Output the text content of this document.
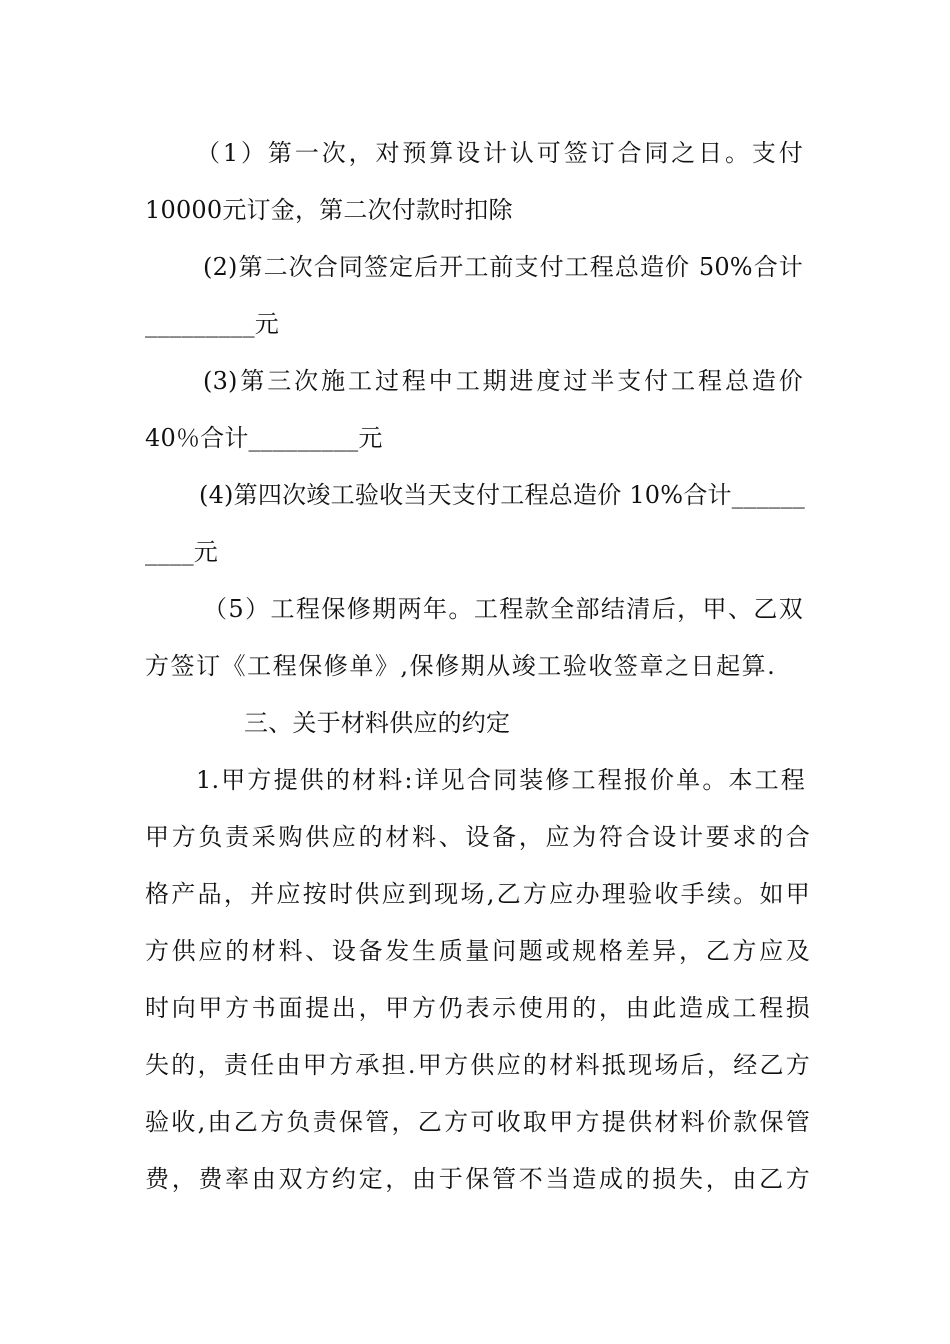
（1）第一次，对预算设计认可签订合同之日。支付
10000元订金，第二次付款时扣除
(2)第二次合同签定后开工前支付工程总造价 50%合计
_________元
(3)第三次施工过程中工期进度过半支付工程总造价
40％合计_________元
(4)第四次竣工验收当天支付工程总造价 10%合计______
____元
（5）工程保修期两年。工程款全部结清后，甲、乙双
方签订《工程保修单》,保修期从竣工验收签章之日起算.
三、关于材料供应的约定
1.甲方提供的材料:详见合同装修工程报价单。本工程
甲方负责采购供应的材料、设备，应为符合设计要求的合
格产品，并应按时供应到现场,乙方应办理验收手续。如甲
方供应的材料、设备发生质量问题或规格差异，乙方应及
时向甲方书面提出，甲方仍表示使用的，由此造成工程损
失的，责任由甲方承担.甲方供应的材料抵现场后，经乙方
验收,由乙方负责保管，乙方可收取甲方提供材料价款保管
费，费率由双方约定，由于保管不当造成的损失，由乙方
